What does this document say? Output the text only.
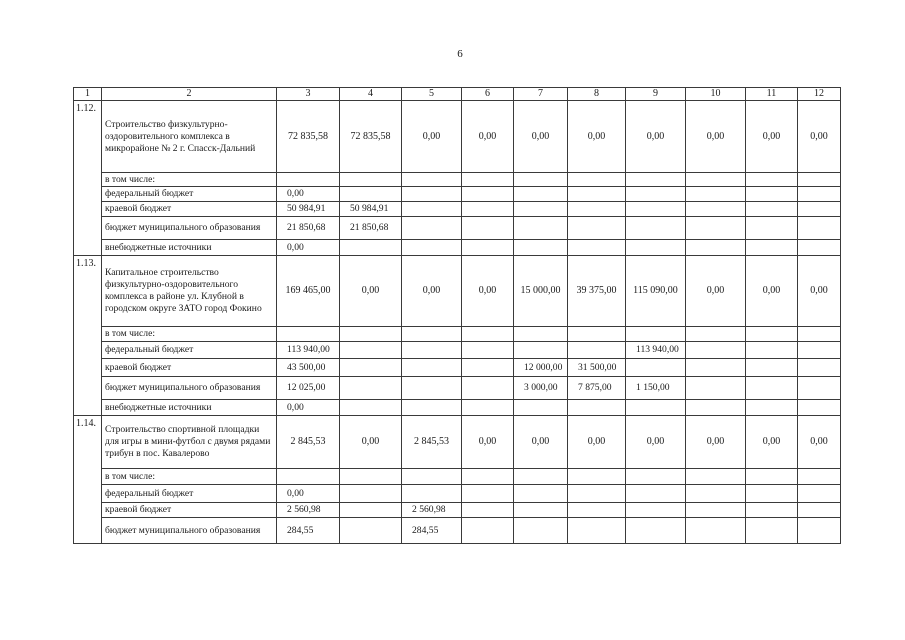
6
1	2	3	4	5	6	7	8	9	10	11	12
1.12.	Строительство физкультурно-оздоровительного комплекса в микрорайоне № 2 г. Спасск-Дальний	72 835,58	72 835,58	0,00	0,00	0,00	0,00	0,00	0,00	0,00	0,00
	в том числе:										
	федеральный бюджет	0,00									
	краевой бюджет	50 984,91	50 984,91								
	бюджет муниципального образования	21 850,68	21 850,68								
	внебюджетные источники	0,00									
1.13.	Капитальное строительство физкультурно-оздоровительного комплекса в районе ул. Клубной в городском округе ЗАТО город Фокино	169 465,00	0,00	0,00	0,00	15 000,00	39 375,00	115 090,00	0,00	0,00	0,00
	в том числе:										
	федеральный бюджет	113 940,00						113 940,00			
	краевой бюджет	43 500,00				12 000,00	31 500,00				
	бюджет муниципального образования	12 025,00				3 000,00	7 875,00	1 150,00			
	внебюджетные источники	0,00									
1.14.	Строительство спортивной площадки для игры в мини-футбол с двумя рядами трибун в пос. Кавалерово	2 845,53	0,00	2 845,53	0,00	0,00	0,00	0,00	0,00	0,00	0,00
	в том числе:										
	федеральный бюджет	0,00									
	краевой бюджет	2 560,98		2 560,98							
	бюджет муниципального образования	284,55		284,55							
